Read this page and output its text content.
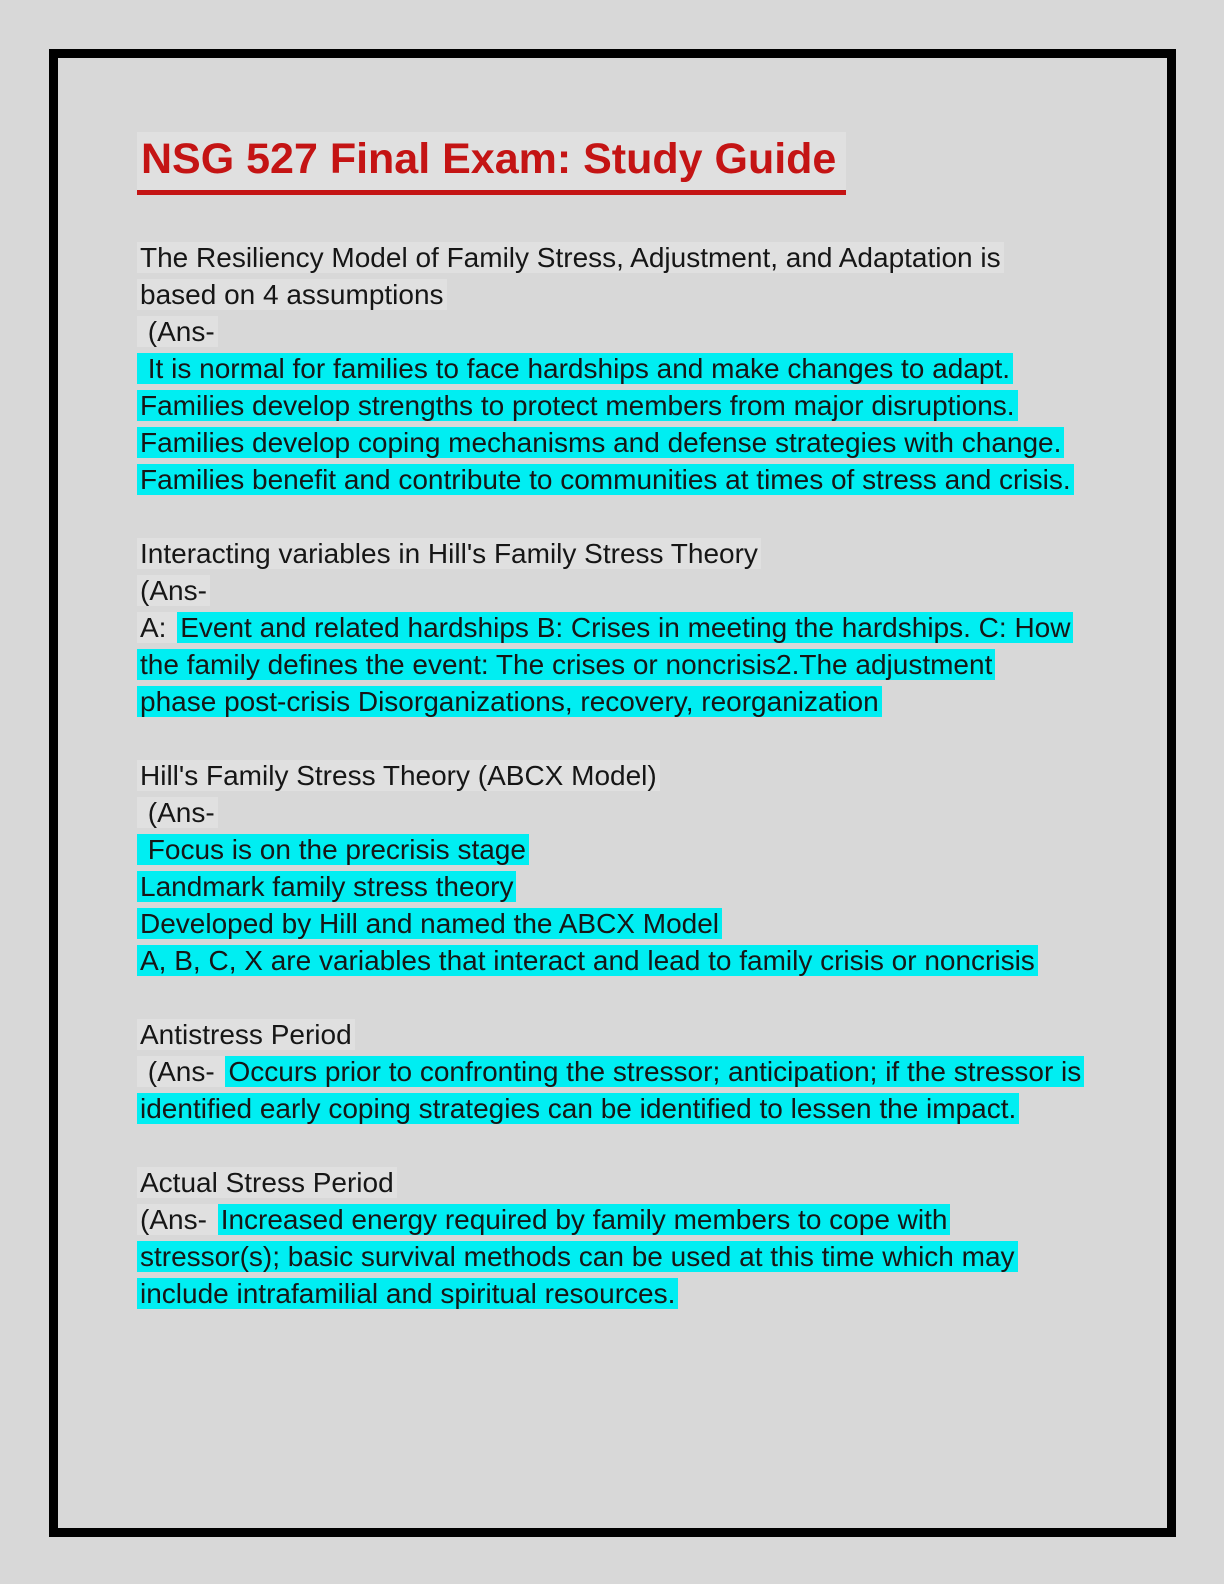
NSG 527 Final Exam: Study Guide
The Resiliency Model of Family Stress, Adjustment, and Adaptation is
based on 4 assumptions
(Ans-
It is normal for families to face hardships and make changes to adapt.
Families develop strengths to protect members from major disruptions.
Families develop coping mechanisms and defense strategies with change.
Families benefit and contribute to communities at times of stress and crisis.
Interacting variables in Hill's Family Stress Theory
(Ans-
A: Event and related hardships B: Crises in meeting the hardships. C: How
the family defines the event: The crises or noncrisis2.The adjustment
phase post-crisis Disorganizations, recovery, reorganization
Hill's Family Stress Theory (ABCX Model)
(Ans-
Focus is on the precrisis stage
Landmark family stress theory
Developed by Hill and named the ABCX Model
A, B, C, X are variables that interact and lead to family crisis or noncrisis
Antistress Period
(Ans- Occurs prior to confronting the stressor; anticipation; if the stressor is
identified early coping strategies can be identified to lessen the impact.
Actual Stress Period
(Ans- Increased energy required by family members to cope with
stressor(s); basic survival methods can be used at this time which may
include intrafamilial and spiritual resources.
